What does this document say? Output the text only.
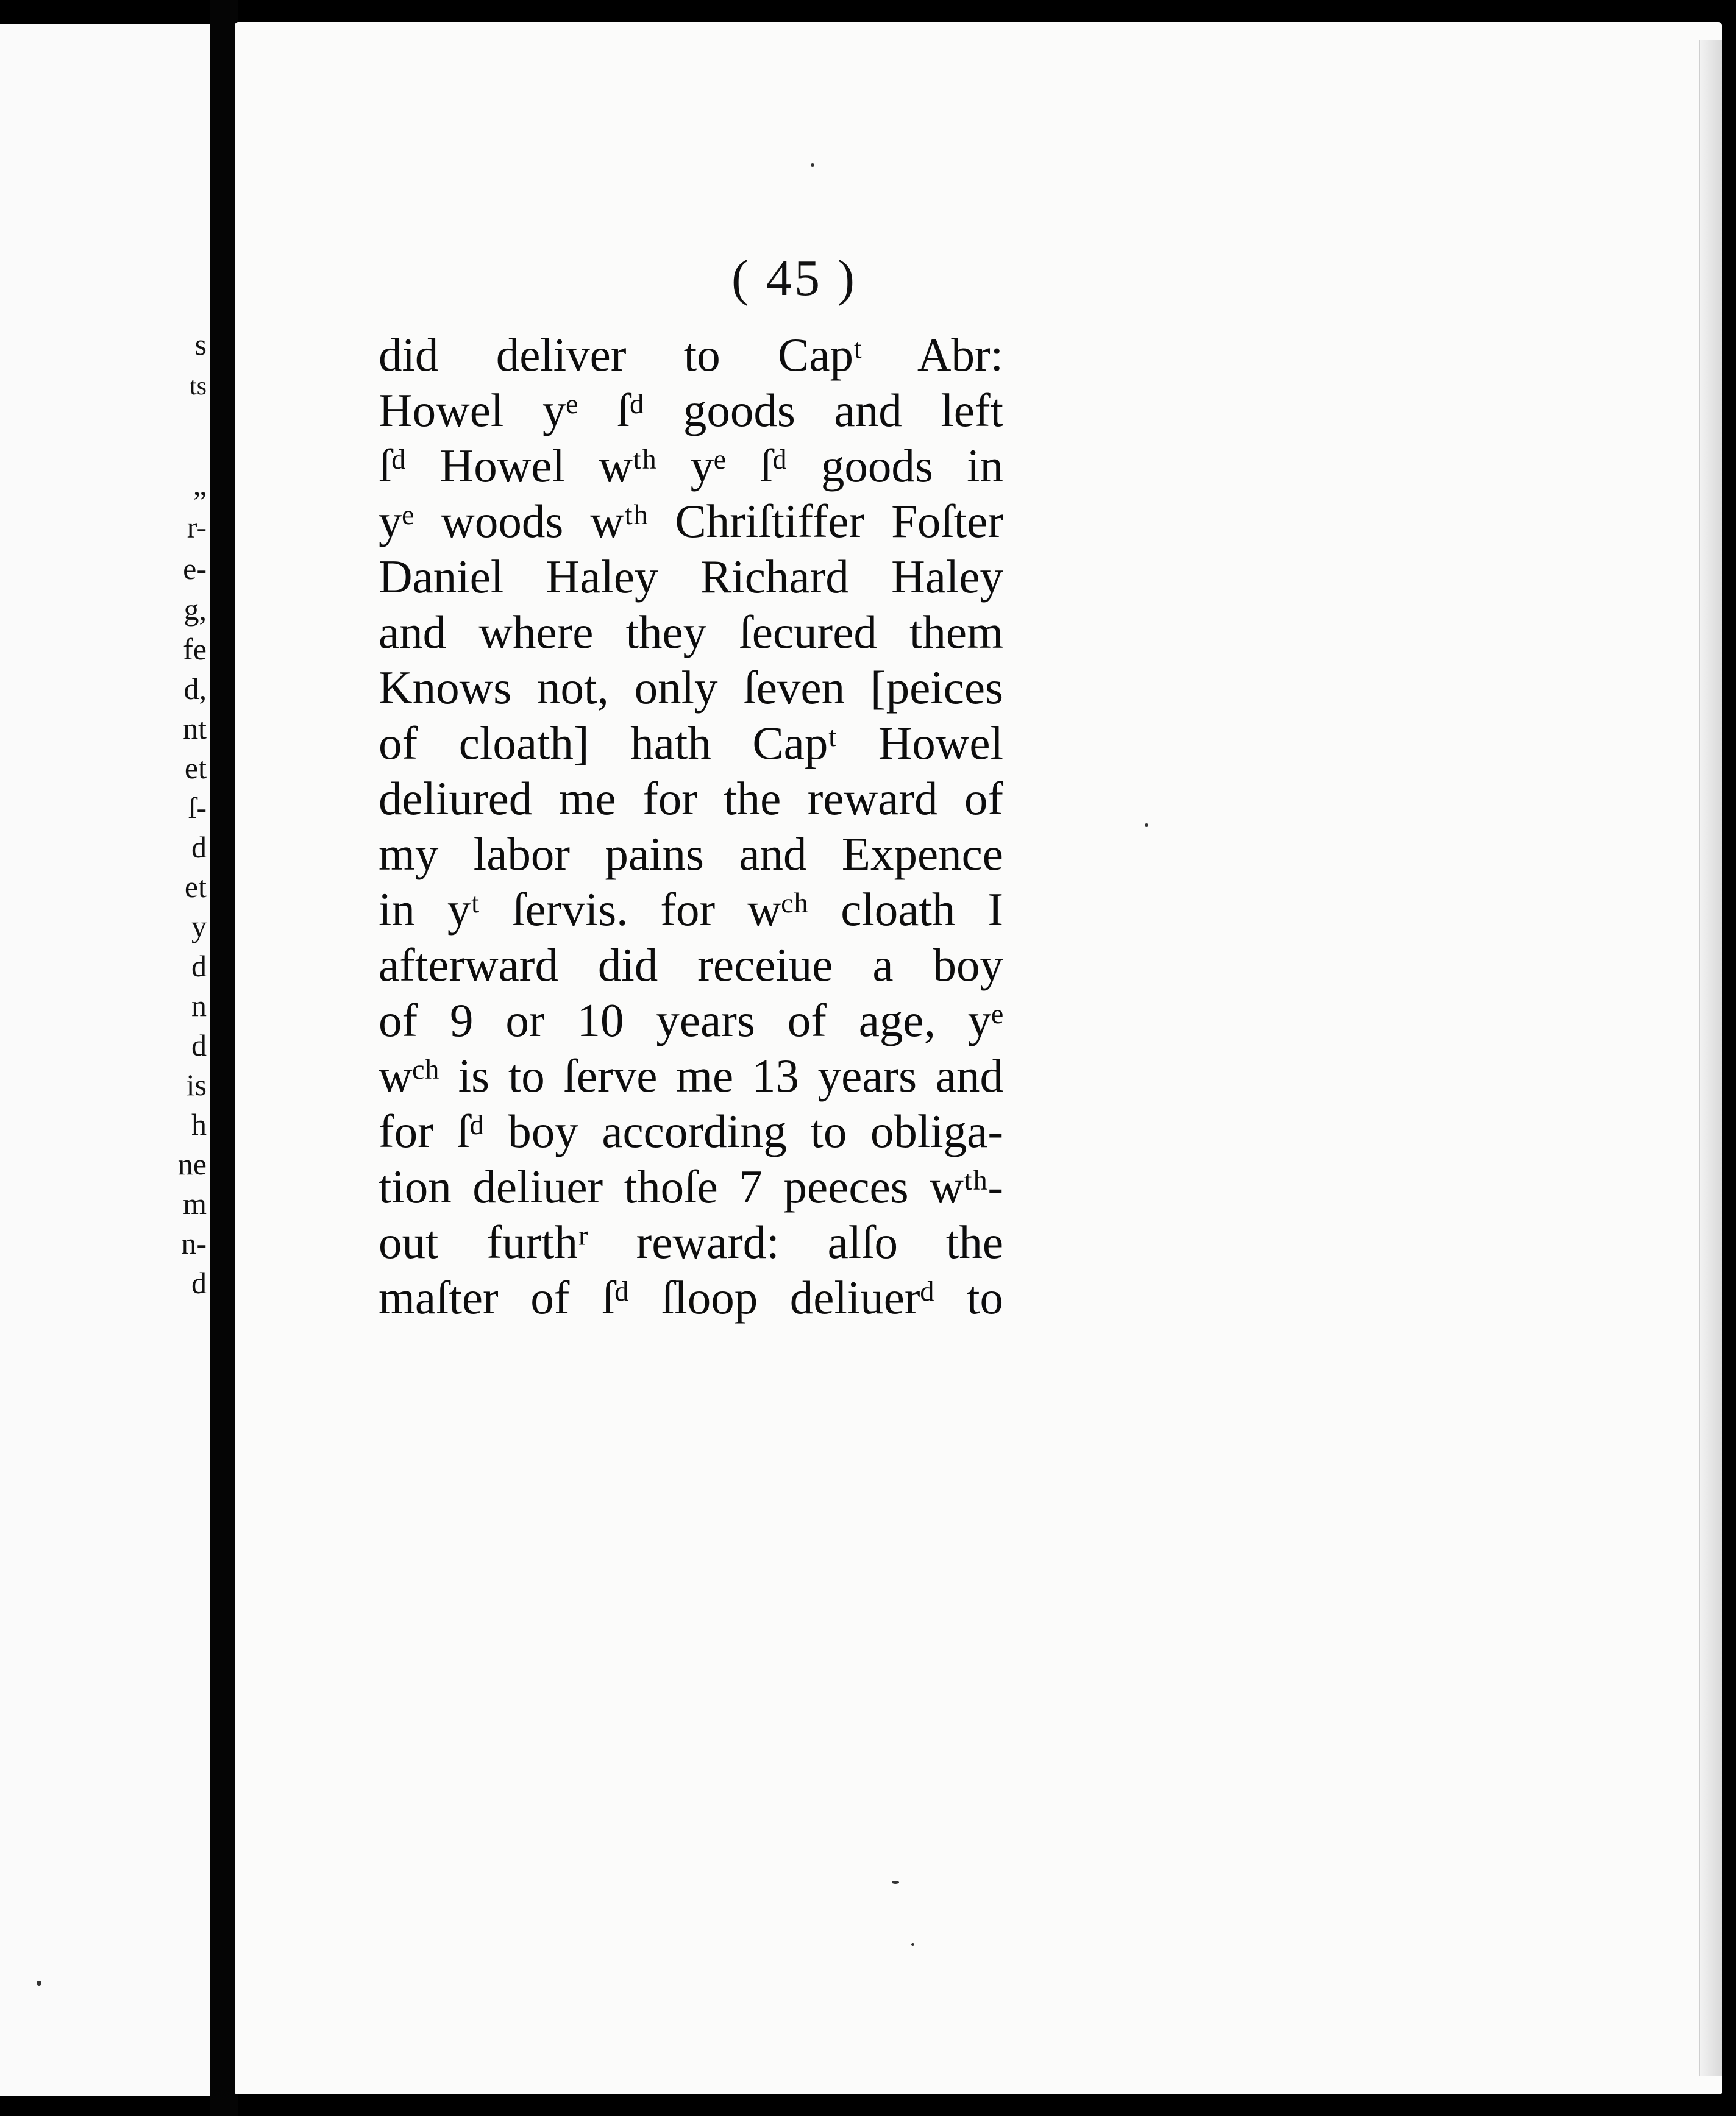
s
ts
„
r-
e-
g,
fe
d,
nt
et
ſ-
d
et
y
d
n
d
is
h
ne
m
n-
d
( 45 )
did deliver to Capᵗ Abr:
Howel yᵉ ſᵈ goods and left
ſᵈ Howel wᵗʰ yᵉ ſᵈ goods in
yᵉ woods wᵗʰ Chriſtiffer Foſter
Daniel Haley Richard Haley
and where they ſecured them
Knows not, only ſeven [peices
of cloath] hath Capᵗ Howel
deliured me for the reward of
my labor pains and Expence
in yᵗ ſervis. for wᶜʰ cloath I
afterward did receiue a boy
of 9 or 10 years of age, yᵉ
wᶜʰ is to ſerve me 13 years and
for ſᵈ boy according to obliga-
tion deliuer thoſe 7 peeces wᵗʰ-
out furthʳ reward: alſo the
maſter of ſᵈ ſloop deliuerᵈ to
